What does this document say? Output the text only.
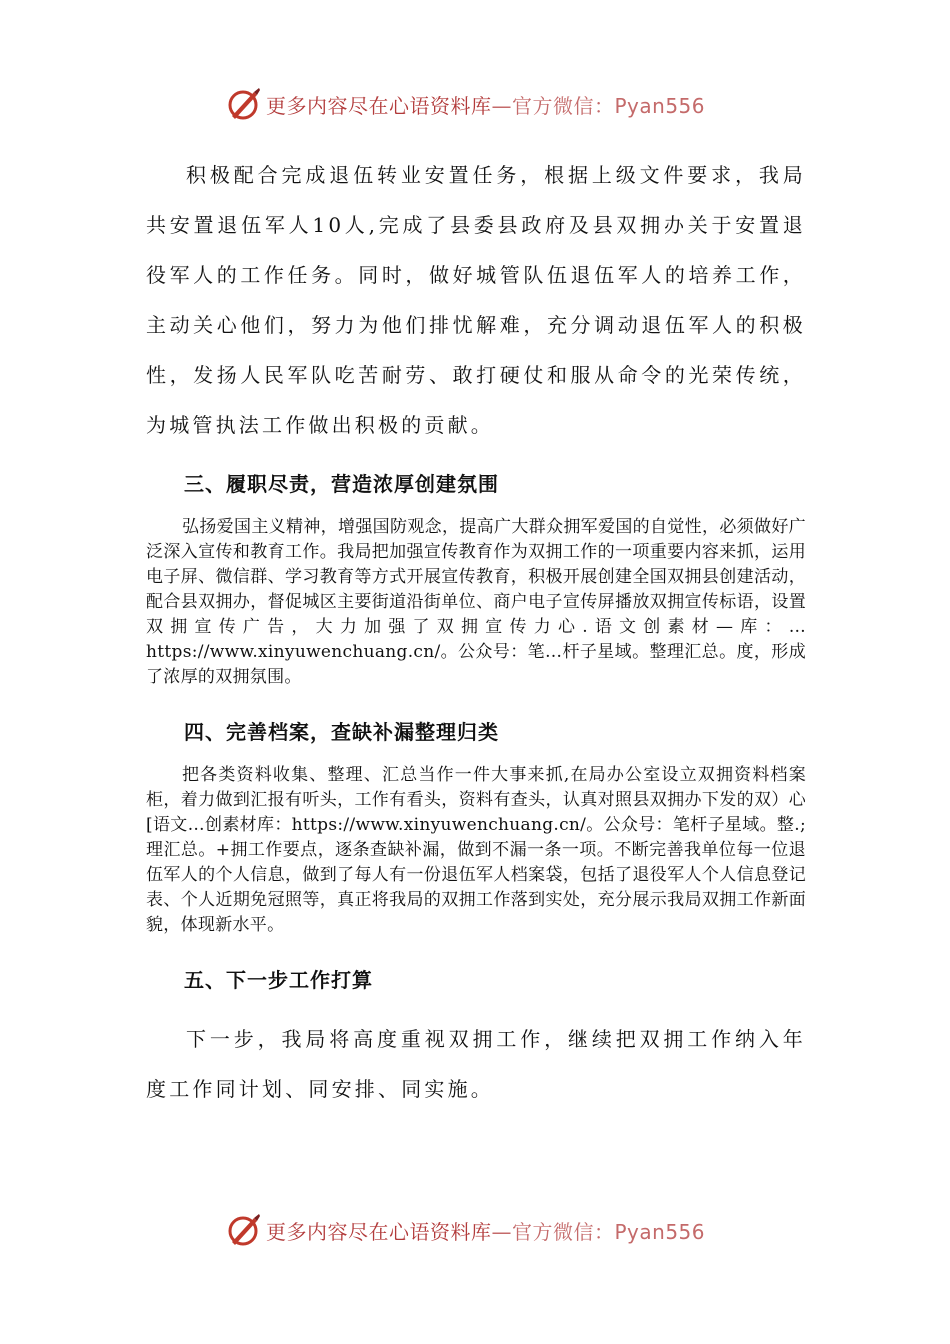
更多内容尽在心语资料库—官方微信：Pyan556

积极配合完成退伍转业安置任务，根据上级文件要求，我局共安置退伍军人10人,完成了县委县政府及县双拥办关于安置退役军人的工作任务。同时，做好城管队伍退伍军人的培养工作，主动关心他们，努力为他们排忧解难，充分调动退伍军人的积极性，发扬人民军队吃苦耐劳、敢打硬仗和服从命令的光荣传统，为城管执法工作做出积极的贡献。

三、履职尽责，营造浓厚创建氛围

弘扬爱国主义精神，增强国防观念，提高广大群众拥军爱国的自觉性，必须做好广泛深入宣传和教育工作。我局把加强宣传教育作为双拥工作的一项重要内容来抓，运用电子屏、微信群、学习教育等方式开展宣传教育，积极开展创建全国双拥县创建活动，配合县双拥办，督促城区主要街道沿街单位、商户电子宣传屏播放双拥宣传标语，设置双拥宣传广告，大力加强了双拥宣传力心.语文创素材—库：…https://www.xinyuwenchuang.cn/。公众号：笔…杆子星域。整理汇总。度，形成了浓厚的双拥氛围。

四、完善档案，查缺补漏整理归类

把各类资料收集、整理、汇总当作一件大事来抓,在局办公室设立双拥资料档案柜，着力做到汇报有听头，工作有看头，资料有查头，认真对照县双拥办下发的双）心[语文…创素材库：https://www.xinyuwenchuang.cn/。公众号：笔杆子星域。整.;理汇总。+拥工作要点，逐条查缺补漏，做到不漏一条一项。不断完善我单位每一位退伍军人的个人信息，做到了每人有一份退伍军人档案袋，包括了退役军人个人信息登记表、个人近期免冠照等，真正将我局的双拥工作落到实处，充分展示我局双拥工作新面貌，体现新水平。

五、下一步工作打算

下一步，我局将高度重视双拥工作，继续把双拥工作纳入年度工作同计划、同安排、同实施。

更多内容尽在心语资料库—官方微信：Pyan556
